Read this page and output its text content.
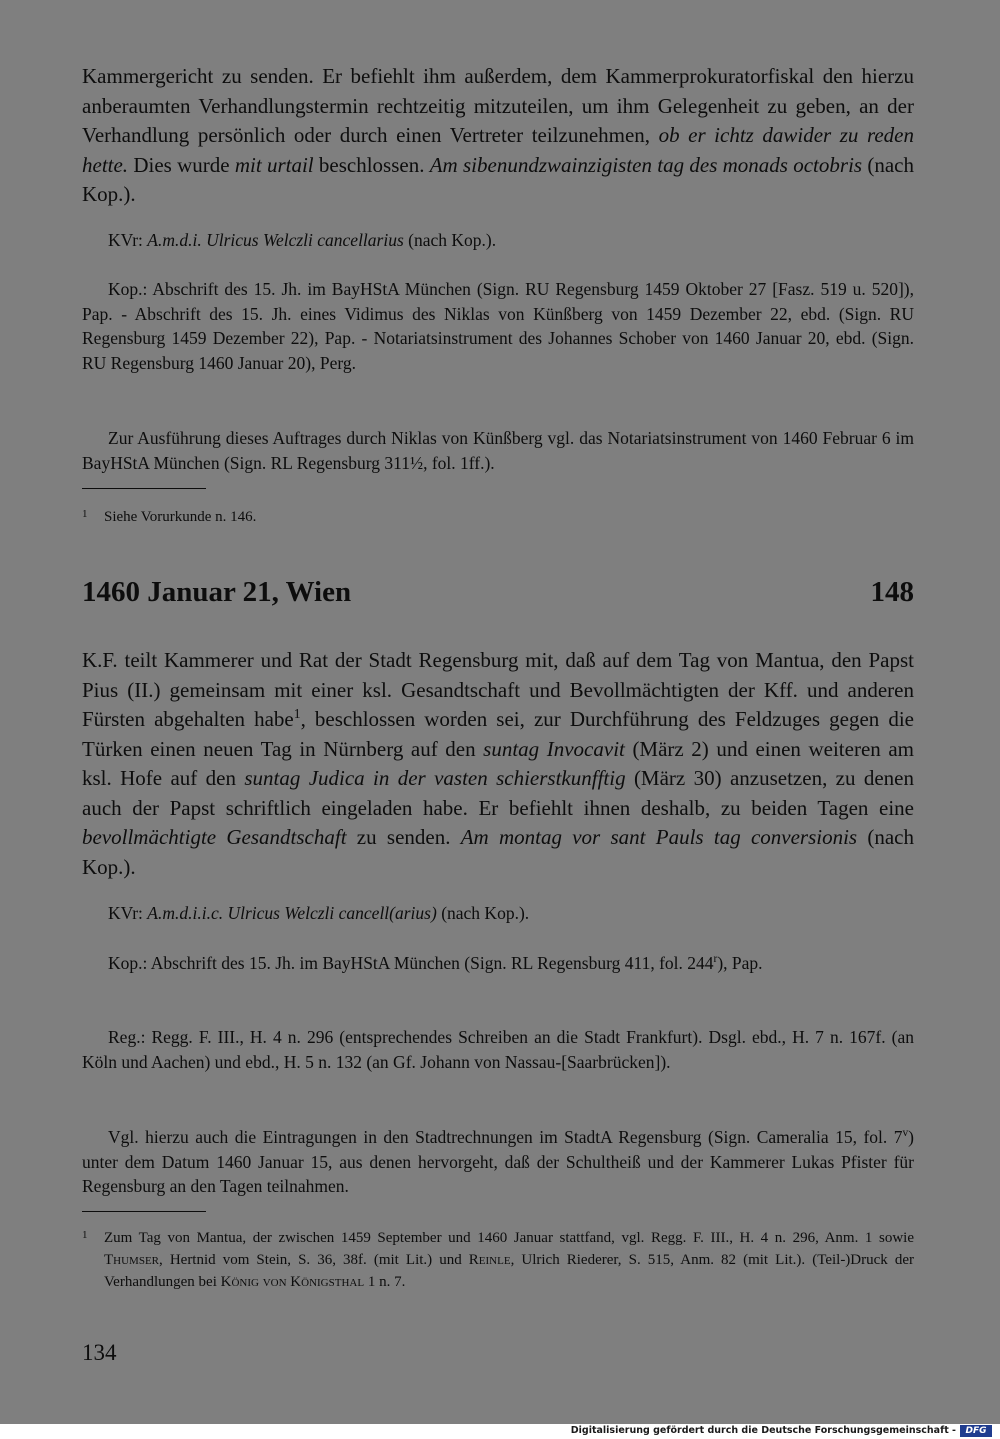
Kammergericht zu senden. Er befiehlt ihm außerdem, dem Kammerprokuratorfiskal den hierzu anberaumten Verhandlungstermin rechtzeitig mitzuteilen, um ihm Gelegenheit zu geben, an der Verhandlung persönlich oder durch einen Vertreter teilzunehmen, ob er ichtz dawider zu reden hette. Dies wurde mit urtail beschlossen. Am sibenundzwainzigisten tag des monads octobris (nach Kop.).

KVr: A.m.d.i. Ulricus Welczli cancellarius (nach Kop.).

Kop.: Abschrift des 15. Jh. im BayHStA München (Sign. RU Regensburg 1459 Oktober 27 [Fasz. 519 u. 520]), Pap. - Abschrift des 15. Jh. eines Vidimus des Niklas von Künßberg von 1459 Dezember 22, ebd. (Sign. RU Regensburg 1459 Dezember 22), Pap. - Notariatsinstrument des Johannes Schober von 1460 Januar 20, ebd. (Sign. RU Regensburg 1460 Januar 20), Perg.

Zur Ausführung dieses Auftrages durch Niklas von Künßberg vgl. das Notariatsinstrument von 1460 Februar 6 im BayHStA München (Sign. RL Regensburg 311½, fol. 1ff.).

1	Siehe Vorurkunde n. 146.

1460 Januar 21, Wien	148

K.F. teilt Kammerer und Rat der Stadt Regensburg mit, daß auf dem Tag von Mantua, den Papst Pius (II.) gemeinsam mit einer ksl. Gesandtschaft und Bevollmächtigten der Kff. und anderen Fürsten abgehalten habe$^1$, beschlossen worden sei, zur Durchführung des Feldzuges gegen die Türken einen neuen Tag in Nürnberg auf den suntag Invocavit (März 2) und einen weiteren am ksl. Hofe auf den suntag Judica in der vasten schierstkunfftig (März 30) anzusetzen, zu denen auch der Papst schriftlich eingeladen habe. Er befiehlt ihnen deshalb, zu beiden Tagen eine bevollmächtigte Gesandtschaft zu senden. Am montag vor sant Pauls tag conversionis (nach Kop.).

KVr: A.m.d.i.i.c. Ulricus Welczli cancell(arius) (nach Kop.).

Kop.: Abschrift des 15. Jh. im BayHStA München (Sign. RL Regensburg 411, fol. 244$^r$), Pap.

Reg.: Regg. F. III., H. 4 n. 296 (entsprechendes Schreiben an die Stadt Frankfurt). Dsgl. ebd., H. 7 n. 167f. (an Köln und Aachen) und ebd., H. 5 n. 132 (an Gf. Johann von Nassau-[Saarbrücken]).

Vgl. hierzu auch die Eintragungen in den Stadtrechnungen im StadtA Regensburg (Sign. Cameralia 15, fol. 7$^v$) unter dem Datum 1460 Januar 15, aus denen hervorgeht, daß der Schultheiß und der Kammerer Lukas Pfister für Regensburg an den Tagen teilnahmen.

1	Zum Tag von Mantua, der zwischen 1459 September und 1460 Januar stattfand, vgl. Regg. F. III., H. 4 n. 296, Anm. 1 sowie Thumser, Hertnid vom Stein, S. 36, 38f. (mit Lit.) und Reinle, Ulrich Riederer, S. 515, Anm. 82 (mit Lit.). (Teil-)Druck der Verhandlungen bei König von Königsthal 1 n. 7.

134
Digitalisierung gefördert durch die Deutsche Forschungsgemeinschaft -	DFG
